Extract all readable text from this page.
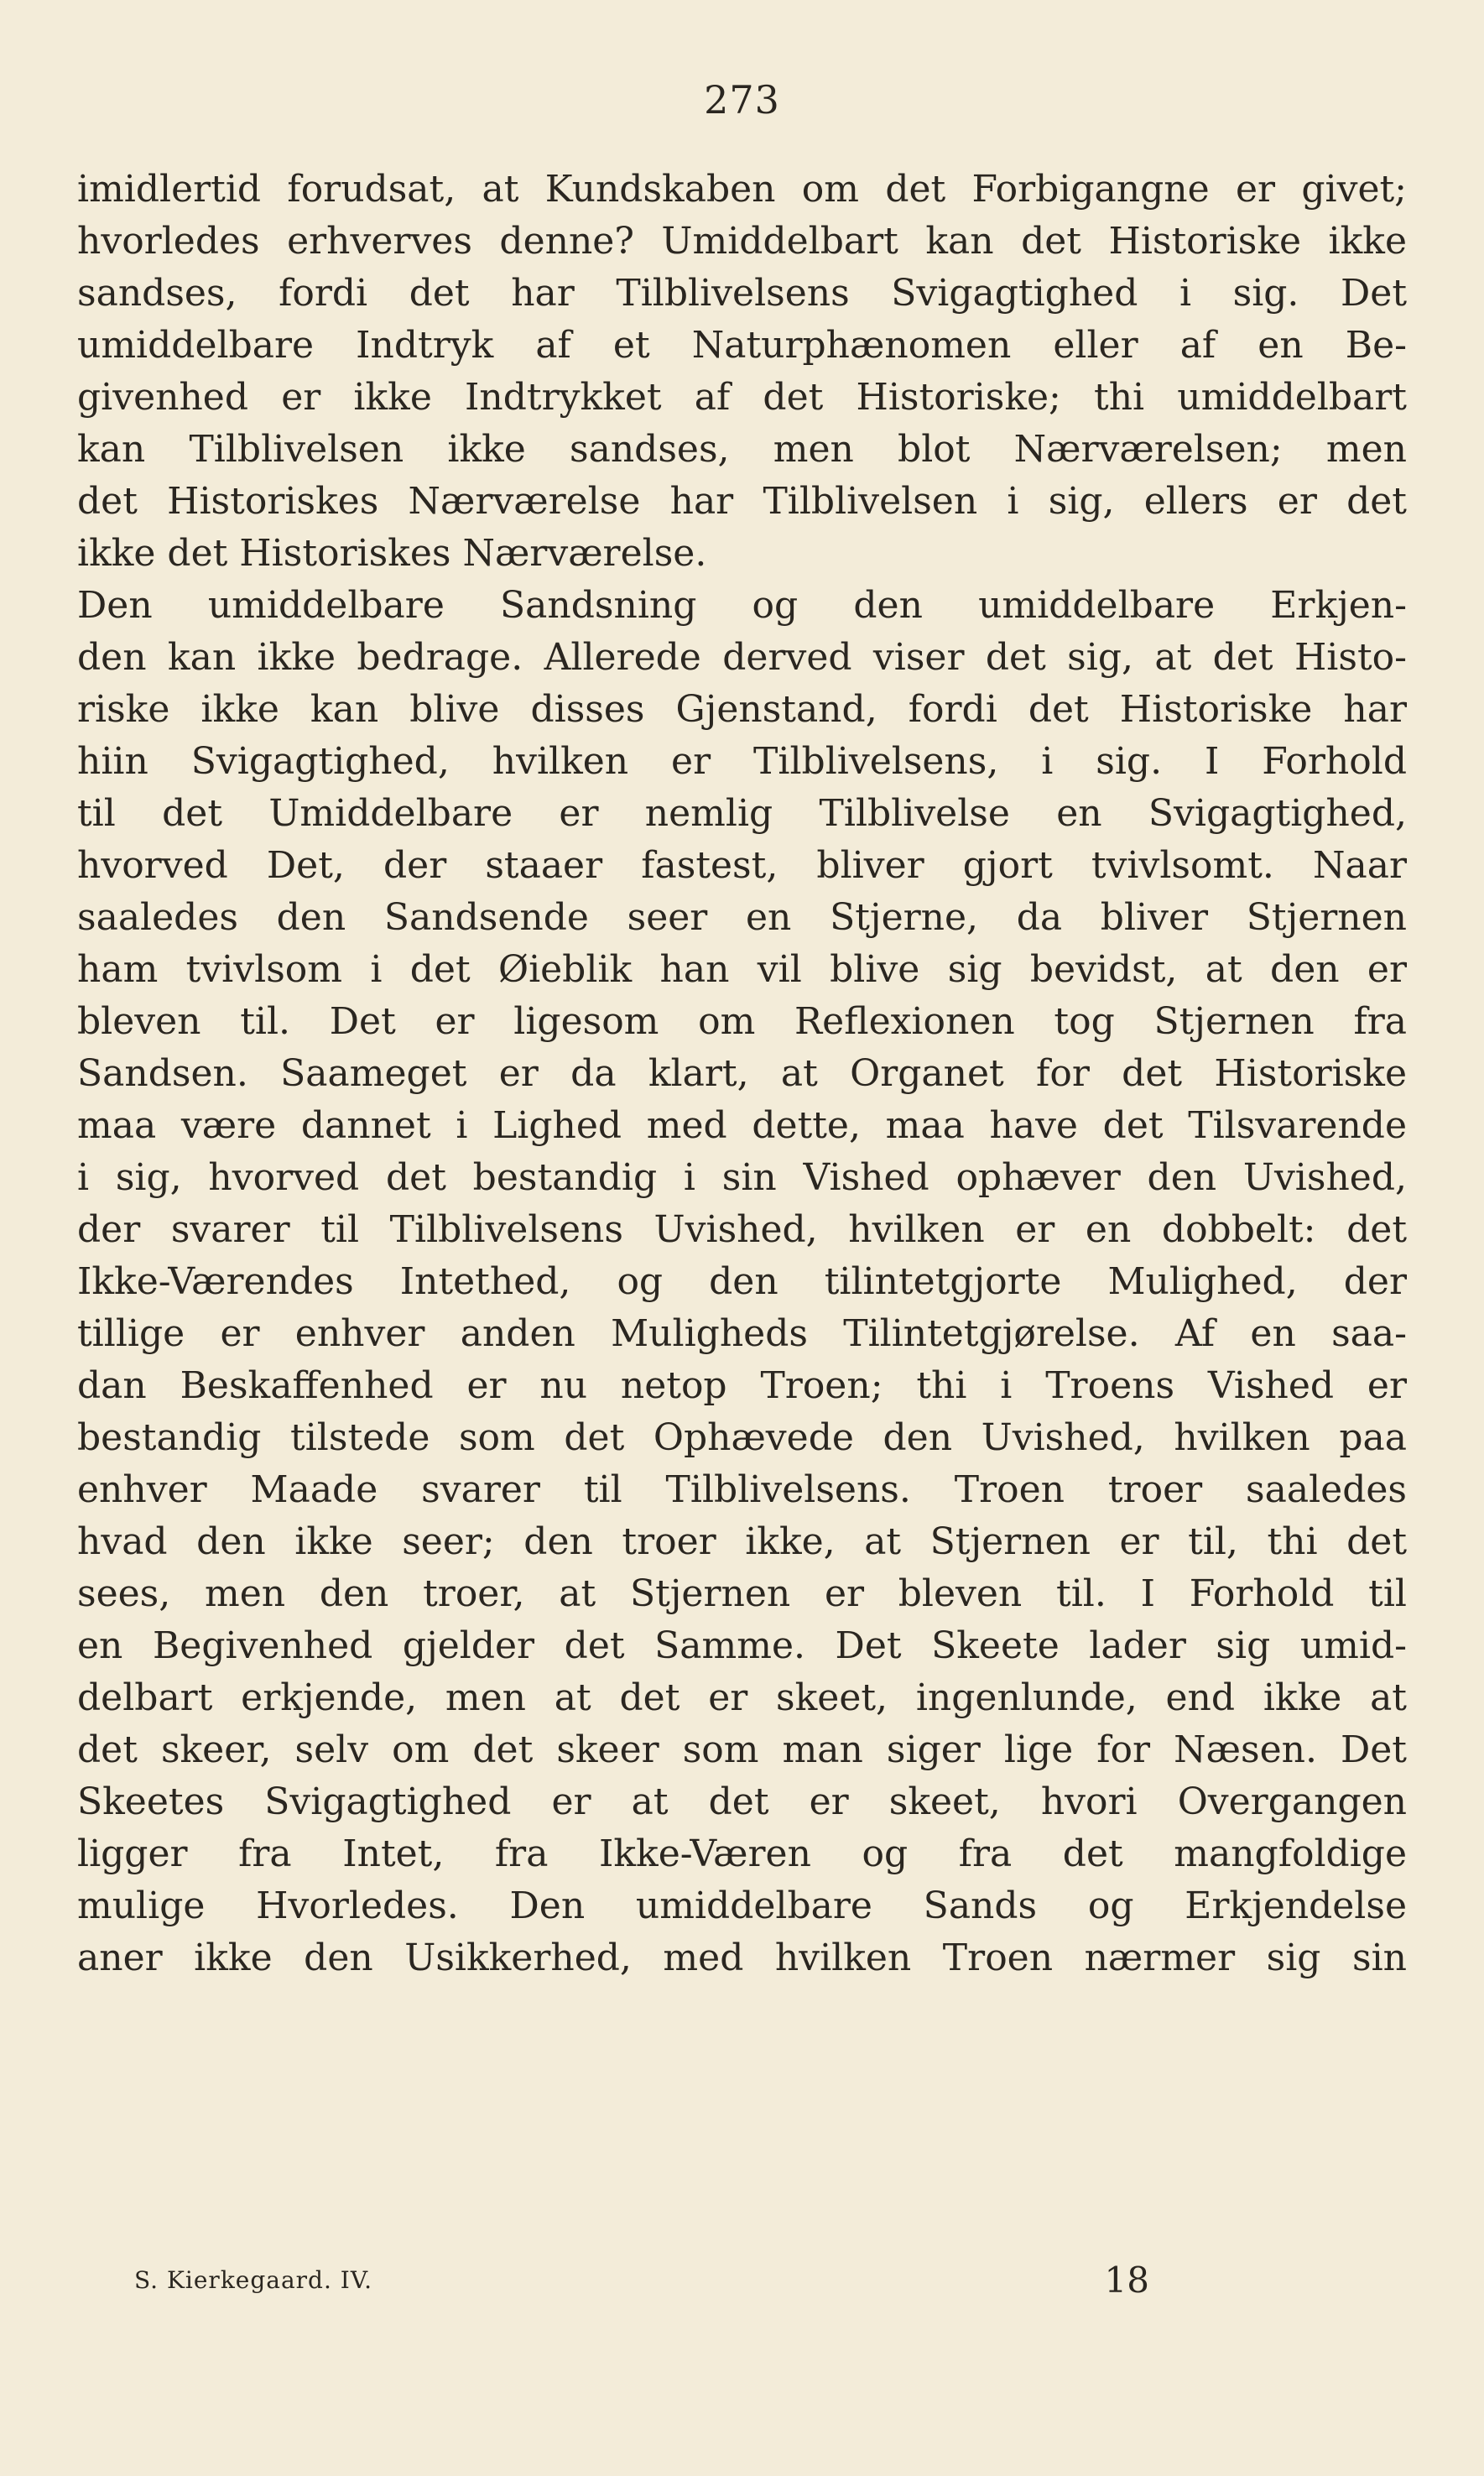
273
imidlertid forudsat, at Kundskaben om det Forbigangne er givet;
hvorledes erhverves denne? Umiddelbart kan det Historiske ikke
sandses, fordi det har Tilblivelsens Svigagtighed i sig. Det
umiddelbare Indtryk af et Naturphænomen eller af en Be-
givenhed er ikke Indtrykket af det Historiske; thi umiddelbart
kan Tilblivelsen ikke sandses, men blot Nærværelsen; men
det Historiskes Nærværelse har Tilblivelsen i sig, ellers er det
ikke det Historiskes Nærværelse.
Den umiddelbare Sandsning og den umiddelbare Erkjen-
den kan ikke bedrage. Allerede derved viser det sig, at det Histo-
riske ikke kan blive disses Gjenstand, fordi det Historiske har
hiin Svigagtighed, hvilken er Tilblivelsens, i sig. I Forhold
til det Umiddelbare er nemlig Tilblivelse en Svigagtighed,
hvorved Det, der staaer fastest, bliver gjort tvivlsomt. Naar
saaledes den Sandsende seer en Stjerne, da bliver Stjernen
ham tvivlsom i det Øieblik han vil blive sig bevidst, at den er
bleven til. Det er ligesom om Reflexionen tog Stjernen fra
Sandsen. Saameget er da klart, at Organet for det Historiske
maa være dannet i Lighed med dette, maa have det Tilsvarende
i sig, hvorved det bestandig i sin Vished ophæver den Uvished,
der svarer til Tilblivelsens Uvished, hvilken er en dobbelt: det
Ikke-Værendes Intethed, og den tilintetgjorte Mulighed, der
tillige er enhver anden Muligheds Tilintetgjørelse. Af en saa-
dan Beskaffenhed er nu netop Troen; thi i Troens Vished er
bestandig tilstede som det Ophævede den Uvished, hvilken paa
enhver Maade svarer til Tilblivelsens. Troen troer saaledes
hvad den ikke seer; den troer ikke, at Stjernen er til, thi det
sees, men den troer, at Stjernen er bleven til. I Forhold til
en Begivenhed gjelder det Samme. Det Skeete lader sig umid-
delbart erkjende, men at det er skeet, ingenlunde, end ikke at
det skeer, selv om det skeer som man siger lige for Næsen. Det
Skeetes Svigagtighed er at det er skeet, hvori Overgangen
ligger fra Intet, fra Ikke-Væren og fra det mangfoldige
mulige Hvorledes. Den umiddelbare Sands og Erkjendelse
aner ikke den Usikkerhed, med hvilken Troen nærmer sig sin
S. Kierkegaard. IV.	18
